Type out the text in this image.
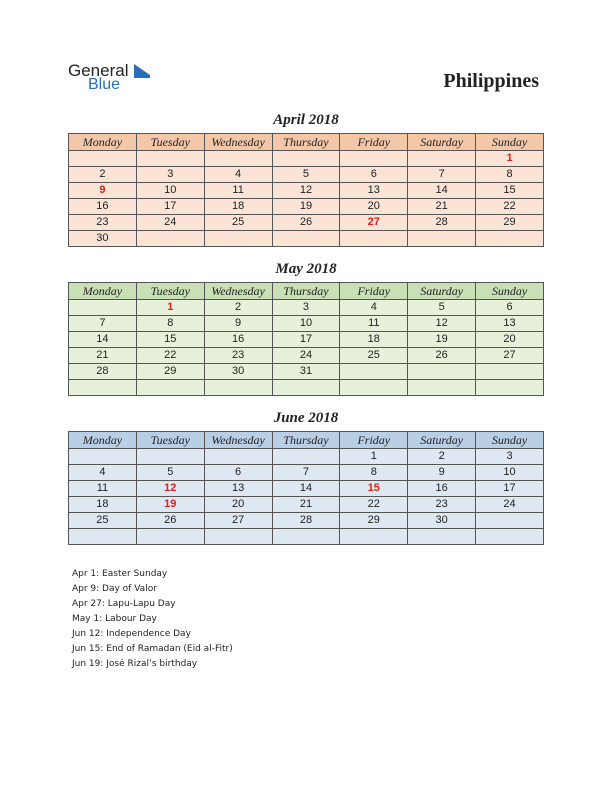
General
Blue	Philippines
April 2018
Monday	Tuesday	Wednesday	Thursday	Friday	Saturday	Sunday
						1
2	3	4	5	6	7	8
9	10	11	12	13	14	15
16	17	18	19	20	21	22
23	24	25	26	27	28	29
30						
May 2018
Monday	Tuesday	Wednesday	Thursday	Friday	Saturday	Sunday
	1	2	3	4	5	6
7	8	9	10	11	12	13
14	15	16	17	18	19	20
21	22	23	24	25	26	27
28	29	30	31			

June 2018
Monday	Tuesday	Wednesday	Thursday	Friday	Saturday	Sunday
				1	2	3
4	5	6	7	8	9	10
11	12	13	14	15	16	17
18	19	20	21	22	23	24
25	26	27	28	29	30	

Apr 1: Easter Sunday
Apr 9: Day of Valor
Apr 27: Lapu-Lapu Day
May 1: Labour Day
Jun 12: Independence Day
Jun 15: End of Ramadan (Eid al-Fitr)
Jun 19: José Rizal’s birthday
